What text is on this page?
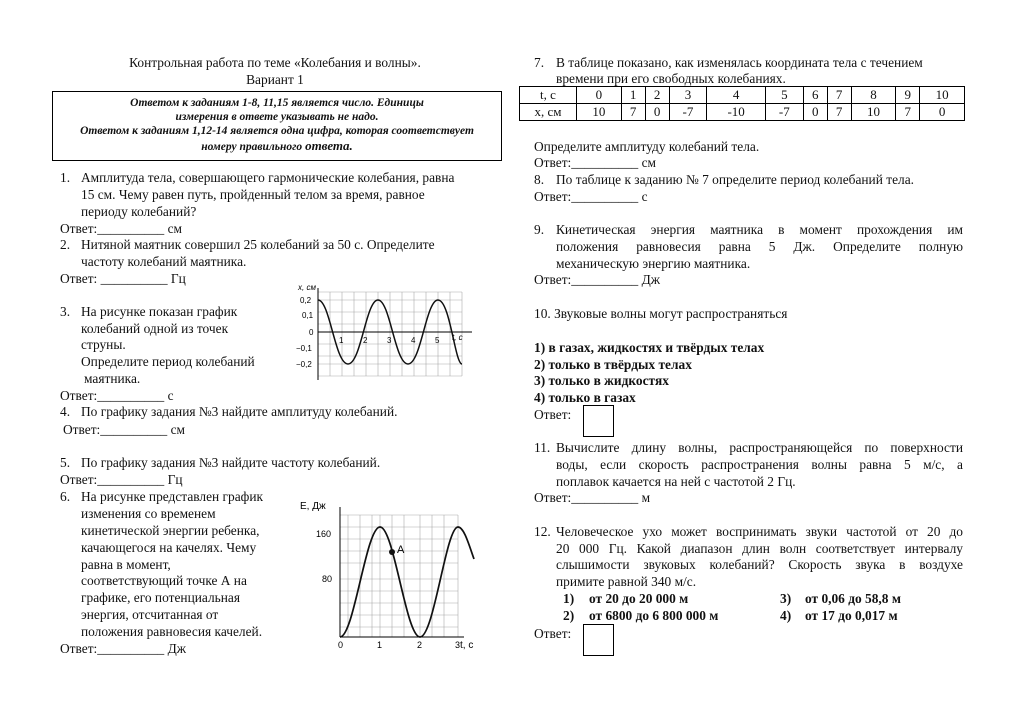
Контрольная работа по теме «Колебания и волны».
Вариант 1
Ответом к заданиям 1-8, 11,15 является число. Единицы
измерения в ответе указывать не надо.
Ответом к заданиям 1,12-14 является одна цифра, которая соответствует
номеру правильного ответа.
1. Амплитуда тела, совершающего гармонические колебания, равна
15 см. Чему равен путь, пройденный телом за время, равное
периоду колебаний?
Ответ:__________ см
2. Нитяной маятник совершил 25 колебаний за 50 с. Определите
частоту колебаний маятника.
Ответ: __________ Гц
3. На рисунке показан график
колебаний одной из точек
струны.
Определите период колебаний
маятника.
Ответ:__________ с
x, см
t, c
0,2
0,1
0
−0,1
−0,2
1 2 3 4 5
4. По графику задания №3 найдите амплитуду колебаний.
Ответ:__________ см
5. По графику задания №3 найдите частоту колебаний.
Ответ:__________ Гц
6. На рисунке представлен график
изменения со временем
кинетической энергии ребенка,
качающегося на качелях. Чему
равна в момент,
соответствующий точке А на
графике, его потенциальная
энергия, отсчитанная от
положения равновесия качелей.
Ответ:__________ Дж
A
E, Дж
t, c
160
80
0	1	2	3
7. В таблице показано, как изменялась координата тела с течением
времени при его свободных колебаниях.
t, с	0	1	2	3	4	5	6	7	8	9	10
x, см	10	7	0	-7	-10	-7	0	7	10	7	0
Определите амплитуду колебаний тела.
Ответ:__________ см
8. По таблице к заданию № 7 определите период колебаний тела.
Ответ:__________ с
9. Кинетическая энергия маятника в момент прохождения им
положения равновесия равна 5 Дж. Определите полную
механическую энергию маятника.
Ответ:__________ Дж
10. Звуковые волны могут распространяться
1) в газах, жидкостях и твёрдых телах
2) только в твёрдых телах
3) только в жидкостях
4) только в газах
Ответ:
11. Вычислите длину волны, распространяющейся по поверхности
воды, если скорость распространения волны равна 5 м/с, а
поплавок качается на ней с частотой 2 Гц.
Ответ:__________ м
12. Человеческое ухо может воспринимать звуки частотой от 20 до
20 000 Гц. Какой диапазон длин волн соответствует интервалу
слышимости звуковых колебаний? Скорость звука в воздухе
примите равной 340 м/с.
1) от 20 до 20 000 м	3) от 0,06 до 58,8 м
2) от 6800 до 6 800 000 м	4) от 17 до 0,017 м
Ответ:
